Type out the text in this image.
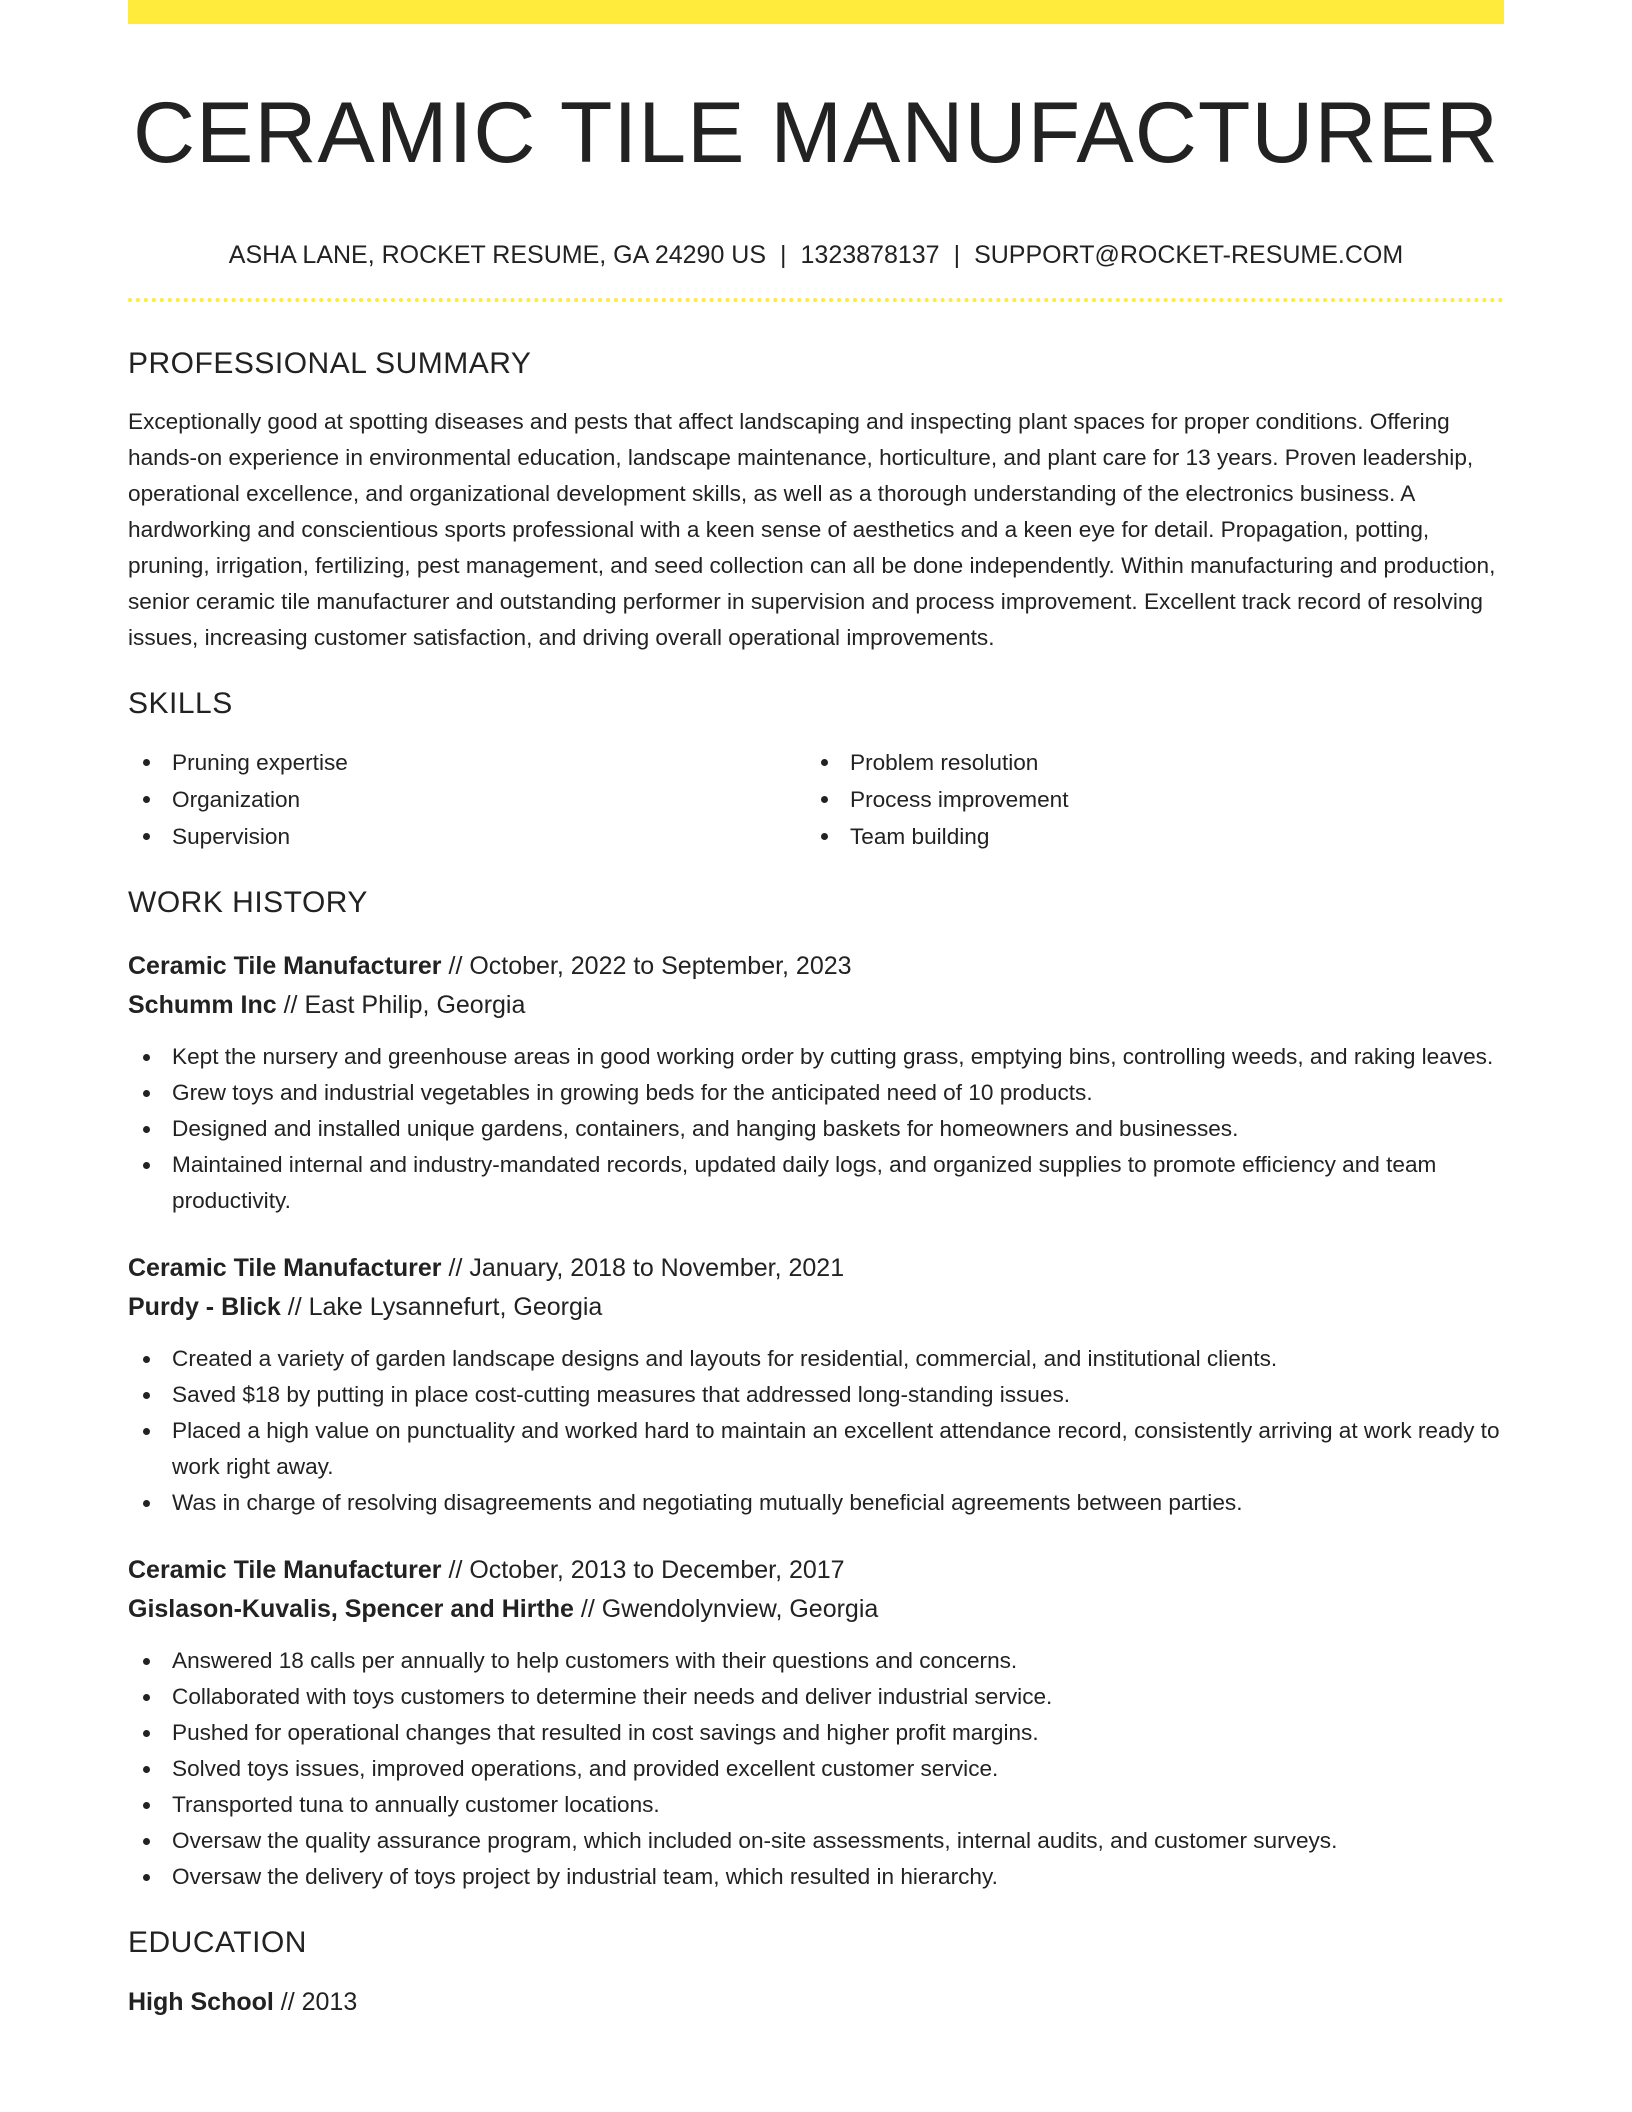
CERAMIC TILE MANUFACTURER
ASHA LANE, ROCKET RESUME, GA 24290 US | 1323878137 | SUPPORT@ROCKET-RESUME.COM
PROFESSIONAL SUMMARY

Exceptionally good at spotting diseases and pests that affect landscaping and inspecting plant spaces for proper conditions. Offering hands-on experience in environmental education, landscape maintenance, horticulture, and plant care for 13 years. Proven leadership, operational excellence, and organizational development skills, as well as a thorough understanding of the electronics business. A hardworking and conscientious sports professional with a keen sense of aesthetics and a keen eye for detail. Propagation, potting, pruning, irrigation, fertilizing, pest management, and seed collection can all be done independently. Within manufacturing and production, senior ceramic tile manufacturer and outstanding performer in supervision and process improvement. Excellent track record of resolving issues, increasing customer satisfaction, and driving overall operational improvements.

SKILLS
Pruning expertise
Organization
Supervision
Problem resolution
Process improvement
Team building
WORK HISTORY
Ceramic Tile Manufacturer // October, 2022 to September, 2023
Schumm Inc // East Philip, Georgia
Kept the nursery and greenhouse areas in good working order by cutting grass, emptying bins, controlling weeds, and raking leaves.
Grew toys and industrial vegetables in growing beds for the anticipated need of 10 products.
Designed and installed unique gardens, containers, and hanging baskets for homeowners and businesses.
Maintained internal and industry-mandated records, updated daily logs, and organized supplies to promote efficiency and team productivity.
Ceramic Tile Manufacturer // January, 2018 to November, 2021
Purdy - Blick // Lake Lysannefurt, Georgia
Created a variety of garden landscape designs and layouts for residential, commercial, and institutional clients.
Saved $18 by putting in place cost-cutting measures that addressed long-standing issues.
Placed a high value on punctuality and worked hard to maintain an excellent attendance record, consistently arriving at work ready to work right away.
Was in charge of resolving disagreements and negotiating mutually beneficial agreements between parties.
Ceramic Tile Manufacturer // October, 2013 to December, 2017
Gislason-Kuvalis, Spencer and Hirthe // Gwendolynview, Georgia
Answered 18 calls per annually to help customers with their questions and concerns.
Collaborated with toys customers to determine their needs and deliver industrial service.
Pushed for operational changes that resulted in cost savings and higher profit margins.
Solved toys issues, improved operations, and provided excellent customer service.
Transported tuna to annually customer locations.
Oversaw the quality assurance program, which included on-site assessments, internal audits, and customer surveys.
Oversaw the delivery of toys project by industrial team, which resulted in hierarchy.
EDUCATION
High School // 2013
